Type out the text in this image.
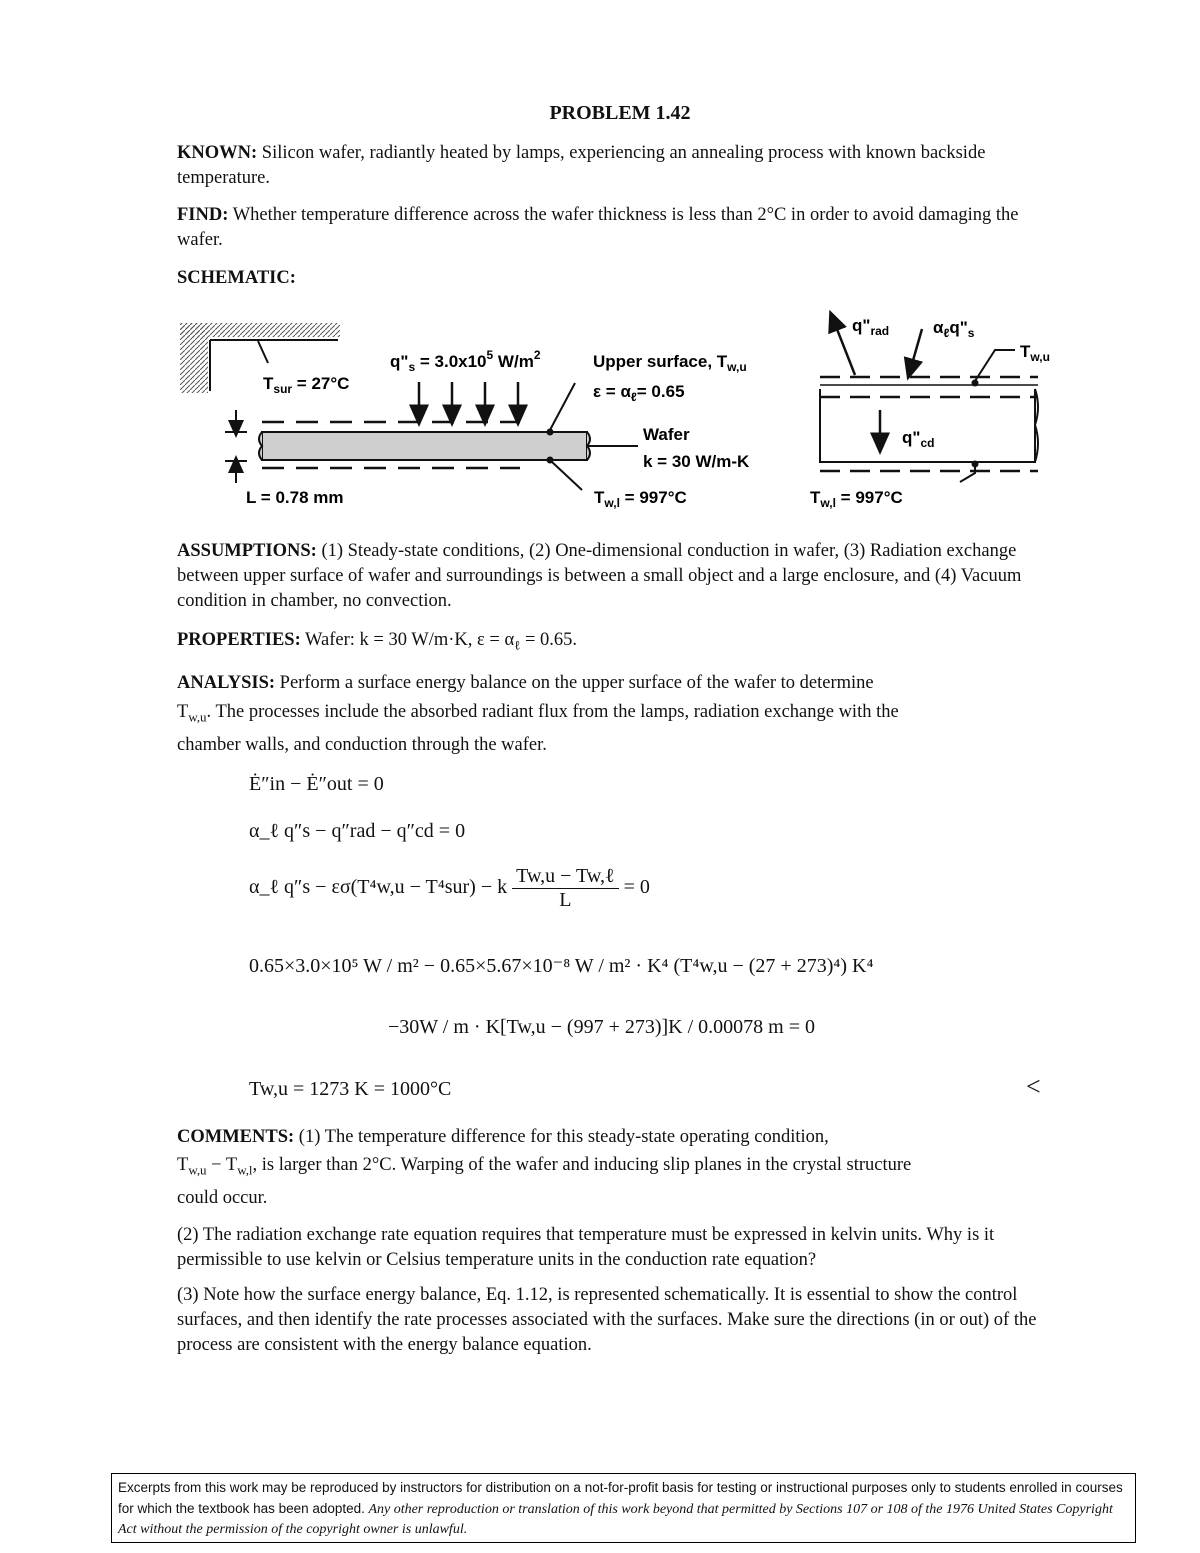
PROBLEM 1.42
KNOWN: Silicon wafer, radiantly heated by lamps, experiencing an annealing process with known backside temperature.
FIND: Whether temperature difference across the wafer thickness is less than 2°C in order to avoid damaging the wafer.
SCHEMATIC:
$T_{sur} = 27^\circ C$
$q"_s = 3.0x10^5$ $W/m^2$	Upper surface, $T_{w,u}$
$\varepsilon = \alpha_\ell= 0.65$
Wafer
k = 30 W/m-K
L = 0.78 mm	$T_{w,l} = 997^\circ C$
$q"_{rad}$	$\alpha_\ell q"_s$
$T_{w,u}$
$q"_{cd}$
$T_{w,l} = 997^\circ C$
ASSUMPTIONS: (1) Steady-state conditions, (2) One-dimensional conduction in wafer, (3) Radiation exchange between upper surface of wafer and surroundings is between a small object and a large enclosure, and (4) Vacuum condition in chamber, no convection.
PROPERTIES: Wafer: k = 30 W/m·K, $\varepsilon = \alpha_\ell = 0.65$.
ANALYSIS: Perform a surface energy balance on the upper surface of the wafer to determine
$T_{w,u}$. The processes include the absorbed radiant flux from the lamps, radiation exchange with the
chamber walls, and conduction through the wafer.
Ė″in − Ė″out = 0
α_ℓ q″s − q″rad − q″cd = 0
α_ℓ q″s − εσ(T⁴w,u − T⁴sur) − k $\frac{\text{Tw,u − Tw,ℓ}}{L} = 0$
0.65×3.0×10⁵ W / m² − 0.65×5.67×10⁻⁸ W / m² · K⁴ (T⁴w,u − (27 + 273)⁴) K⁴
−30W / m · K[Tw,u − (997 + 273)]K / 0.00078 m = 0
Tw,u = 1273 K = 1000°C	<
COMMENTS: (1) The temperature difference for this steady-state operating condition,
$T_{w,u} - T_{w,l}$, is larger than 2°C. Warping of the wafer and inducing slip planes in the crystal structure
could occur.
(2) The radiation exchange rate equation requires that temperature must be expressed in kelvin units. Why is it permissible to use kelvin or Celsius temperature units in the conduction rate equation?
(3) Note how the surface energy balance, Eq. 1.12, is represented schematically. It is essential to show the control surfaces, and then identify the rate processes associated with the surfaces. Make sure the directions (in or out) of the process are consistent with the energy balance equation.
Excerpts from this work may be reproduced by instructors for distribution on a not-for-profit basis for testing or instructional purposes only to students enrolled in courses for which the textbook has been adopted. Any other reproduction or translation of this work beyond that permitted by Sections 107 or 108 of the 1976 United States Copyright Act without the permission of the copyright owner is unlawful.
